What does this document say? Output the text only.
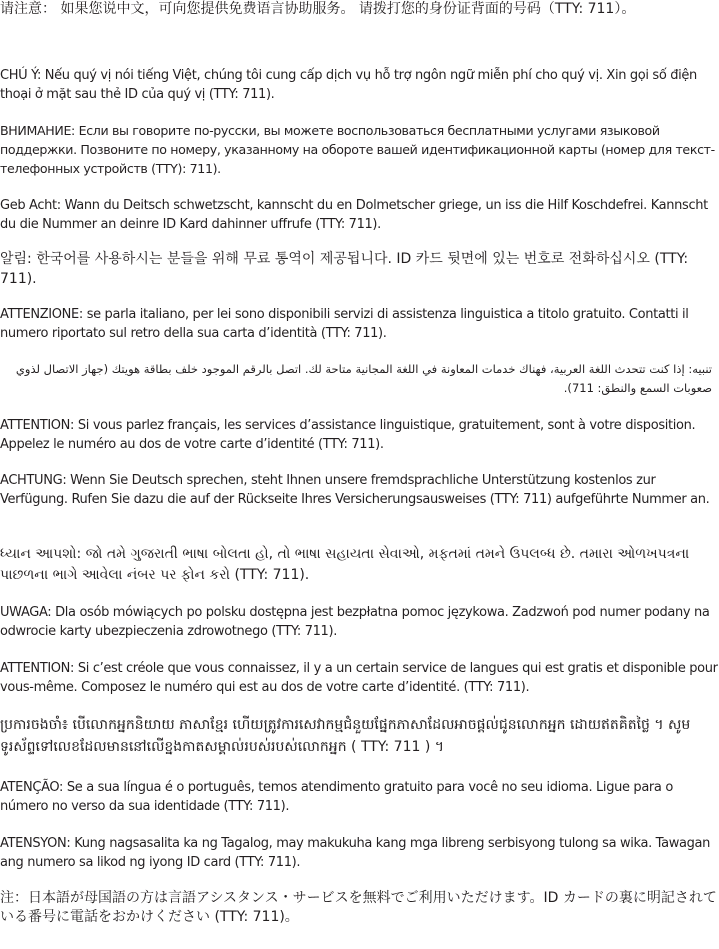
请注意： 如果您说中文，可向您提供免费语言协助服务。 请拨打您的身份证背面的号码（TTY: 711）。

CHÚ Ý: Nếu quý vị nói tiếng Việt, chúng tôi cung cấp dịch vụ hỗ trợ ngôn ngữ miễn phí cho quý vị. Xin gọi số điện thoại ở mặt sau thẻ ID của quý vị (TTY: 711).

ВНИМАНИЕ: Если вы говорите по-русски, вы можете воспользоваться бесплатными услугами языковой поддержки. Позвоните по номеру, указанному на обороте вашей идентификационной карты (номер для текст-телефонных устройств (TTY): 711).

Geb Acht: Wann du Deitsch schwetzscht, kannscht du en Dolmetscher griege, un iss die Hilf Koschdefrei. Kannscht du die Nummer an deinre ID Kard dahinner uffrufe (TTY: 711).

알림: 한국어를 사용하시는 분들을 위해 무료 통역이 제공됩니다. ID 카드 뒷면에 있는 번호로 전화하십시오 (TTY: 711).

ATTENZIONE: se parla italiano, per lei sono disponibili servizi di assistenza linguistica a titolo gratuito. Contatti il numero riportato sul retro della sua carta d’identità (TTY: 711).

تنبيه: إذا كنت تتحدث اللغة العربية، فهناك خدمات المعاونة في اللغة المجانية متاحة لك. اتصل بالرقم الموجود خلف بطاقة هويتك (جهاز الاتصال لذوي صعوبات السمع والنطق: 711).

ATTENTION: Si vous parlez français, les services d’assistance linguistique, gratuitement, sont à votre disposition. Appelez le numéro au dos de votre carte d’identité (TTY: 711).

ACHTUNG: Wenn Sie Deutsch sprechen, steht Ihnen unsere fremdsprachliche Unterstützung kostenlos zur Verfügung. Rufen Sie dazu die auf der Rückseite Ihres Versicherungsausweises (TTY: 711) aufgeführte Nummer an.

ધ્યાન આપશો: જો તમે ગુજરાતી ભાષા બોલતા હો, તો ભાષા સહાયતા સેવાઓ, મફતમાં તમને ઉપલબ્ધ છે. તમારા ઓળખપત્રના પાછળના ભાગે આવેલા નંબર પર ફોન કરો (TTY: 711).

UWAGA: Dla osób mówiących po polsku dostępna jest bezpłatna pomoc językowa. Zadzwoń pod numer podany na odwrocie karty ubezpieczenia zdrowotnego (TTY: 711).

ATTENTION: Si c’est créole que vous connaissez, il y a un certain service de langues qui est gratis et disponible pour vous-même. Composez le numéro qui est au dos de votre carte d’identité. (TTY: 711).

ប្រការចងចាំ៖ បើលោកអ្នកនិយាយ ភាសាខ្មែរ ហើយត្រូវការសេវាកម្មជំនួយផ្នែកភាសាដែលអាចផ្តល់ជូនលោកអ្នក ដោយឥតគិតថ្លៃ ។ សូមទូរស័ព្ទទៅលេខដែលមាននៅលើខ្នងកាតសម្គាល់របស់របស់លោកអ្នក ( TTY: 711 ) ។

ATENÇÃO: Se a sua língua é o português, temos atendimento gratuito para você no seu idioma. Ligue para o número no verso da sua identidade (TTY: 711).

ATENSYON: Kung nagsasalita ka ng Tagalog, may makukuha kang mga libreng serbisyong tulong sa wika. Tawagan ang numero sa likod ng iyong ID card (TTY: 711).

注：日本語が母国語の方は言語アシスタンス・サービスを無料でご利用いただけます。ID カードの裏に明記されている番号に電話をおかけください (TTY: 711)。
